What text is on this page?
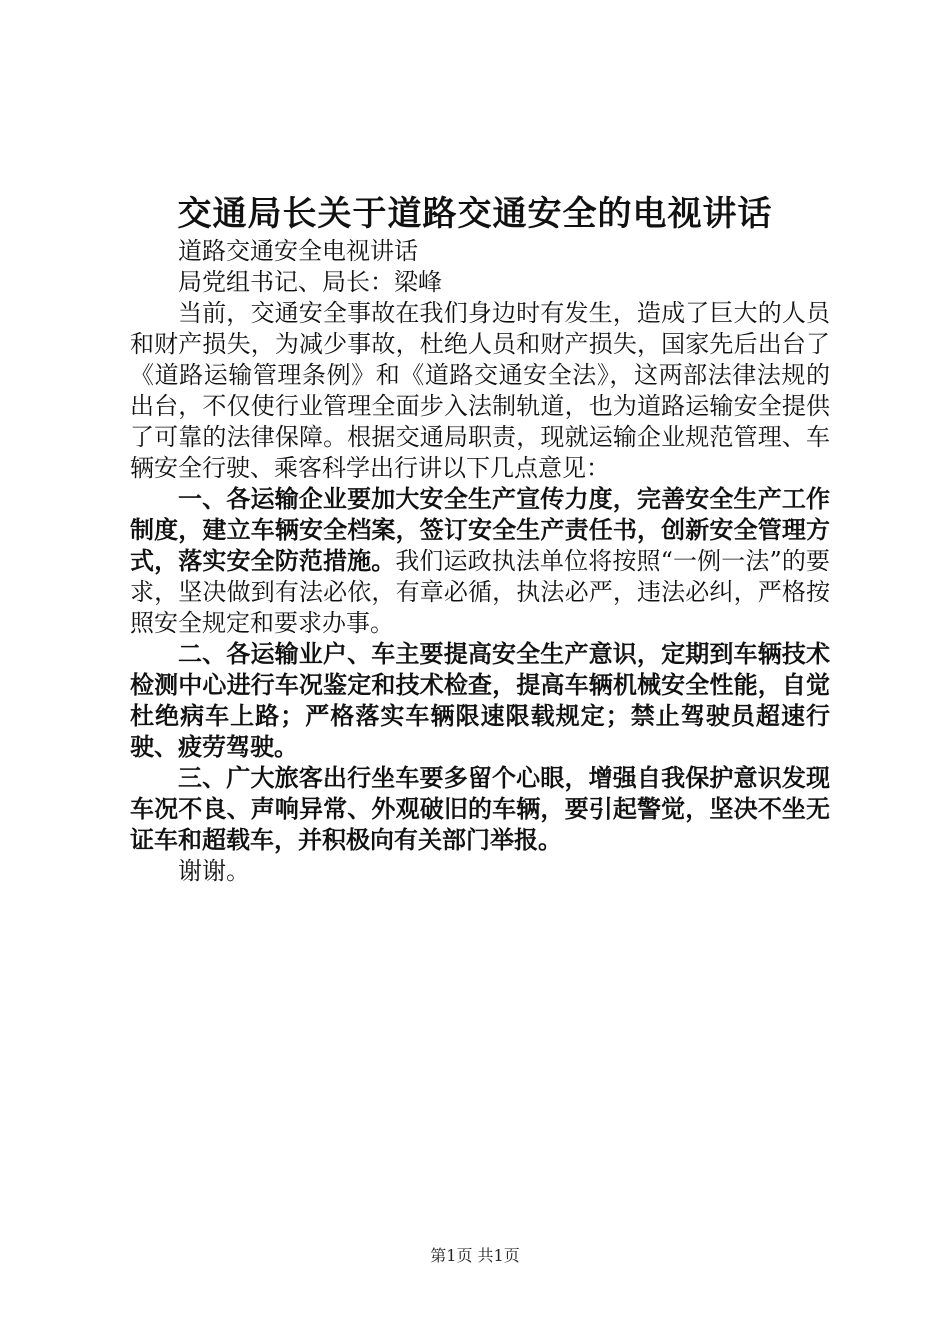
交通局长关于道路交通安全的电视讲话

道路交通安全电视讲话

局党组书记、局长：梁峰

当前，交通安全事故在我们身边时有发生，造成了巨大的人员和财产损失，为减少事故，杜绝人员和财产损失，国家先后出台了《道路运输管理条例》和《道路交通安全法》，这两部法律法规的出台，不仅使行业管理全面步入法制轨道，也为道路运输安全提供了可靠的法律保障。根据交通局职责，现就运输企业规范管理、车辆安全行驶、乘客科学出行讲以下几点意见：

一、各运输企业要加大安全生产宣传力度，完善安全生产工作制度，建立车辆安全档案，签订安全生产责任书，创新安全管理方式，落实安全防范措施。我们运政执法单位将按照“一例一法”的要求，坚决做到有法必依，有章必循，执法必严，违法必纠，严格按照安全规定和要求办事。

二、各运输业户、车主要提高安全生产意识，定期到车辆技术检测中心进行车况鉴定和技术检查，提高车辆机械安全性能，自觉杜绝病车上路；严格落实车辆限速限载规定；禁止驾驶员超速行驶、疲劳驾驶。

三、广大旅客出行坐车要多留个心眼，增强自我保护意识发现车况不良、声响异常、外观破旧的车辆，要引起警觉，坚决不坐无证车和超载车，并积极向有关部门举报。

谢谢。

第1页 共1页
